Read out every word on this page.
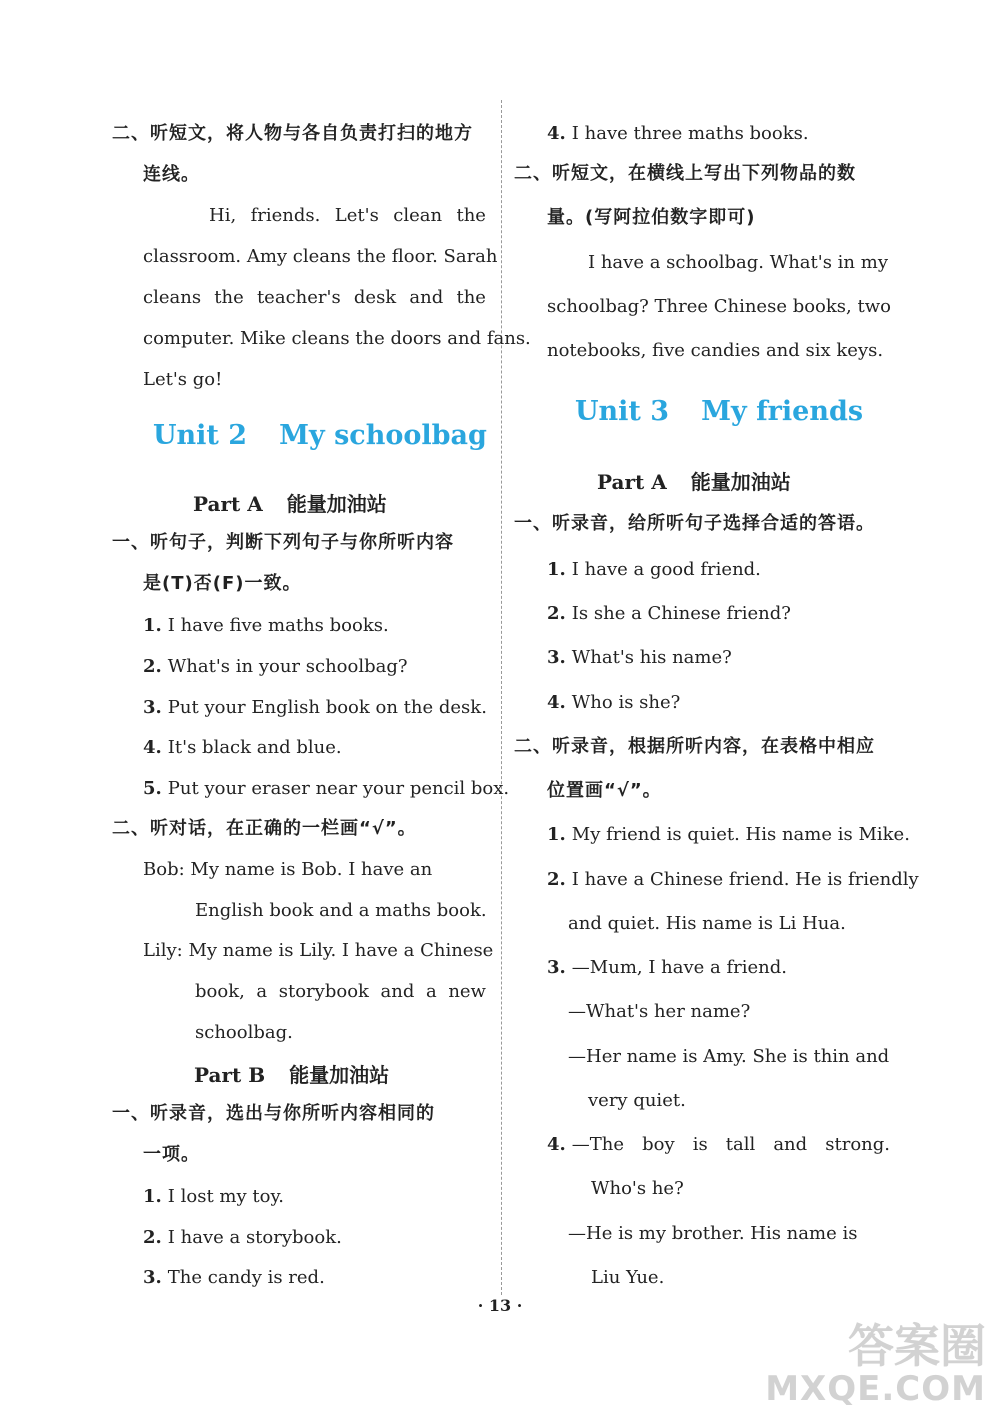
二、听短文，将人物与各自负责打扫的地方
连线。
Hi, friends. Let's clean the
classroom. Amy cleans the floor. Sarah
cleans the teacher's desk and the
computer. Mike cleans the doors and fans.
Let's go!
Unit 2 My schoolbag
Part A 能量加油站
一、听句子，判断下列句子与你所听内容
是(T)否(F)一致。
1. I have five maths books.
2. What's in your schoolbag?
3. Put your English book on the desk.
4. It's black and blue.
5. Put your eraser near your pencil box.
二、听对话，在正确的一栏画“√”。
Bob: My name is Bob. I have an
English book and a maths book.
Lily: My name is Lily. I have a Chinese
book, a storybook and a new
schoolbag.
Part B 能量加油站
一、听录音，选出与你所听内容相同的
一项。
1. I lost my toy.
2. I have a storybook.
3. The candy is red.
4. I have three maths books.
二、听短文，在横线上写出下列物品的数
量。(写阿拉伯数字即可)
I have a schoolbag. What's in my
schoolbag? Three Chinese books, two
notebooks, five candies and six keys.
Unit 3 My friends
Part A 能量加油站
一、听录音，给所听句子选择合适的答语。
1. I have a good friend.
2. Is she a Chinese friend?
3. What's his name?
4. Who is she?
二、听录音，根据所听内容，在表格中相应
位置画“√”。
1. My friend is quiet. His name is Mike.
2. I have a Chinese friend. He is friendly
and quiet. His name is Li Hua.
3. —Mum, I have a friend.
—What's her name?
—Her name is Amy. She is thin and
very quiet.
4. —The boy is tall and strong.
Who's he?
—He is my brother. His name is
Liu Yue.
· 13 ·
答案圈
MXQE.COM
